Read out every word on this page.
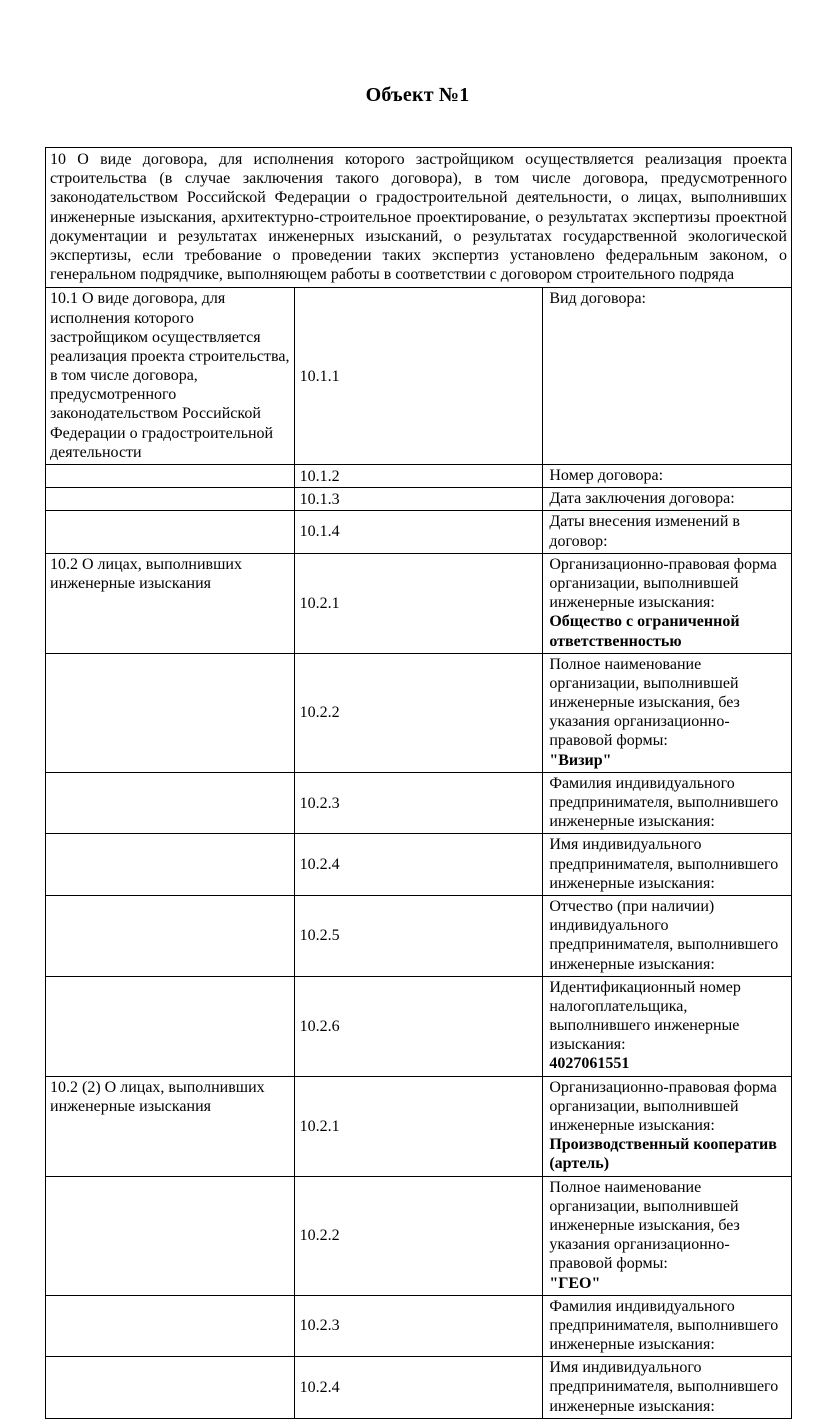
Объект №1
10 О виде договора, для исполнения которого застройщиком осуществляется реализация проекта строительства (в случае заключения такого договора), в том числе договора, предусмотренного законодательством Российской Федерации о градостроительной деятельности, о лицах, выполнивших инженерные изыскания, архитектурно-строительное проектирование, о результатах экспертизы проектной документации и результатах инженерных изысканий, о результатах государственной экологической экспертизы, если требование о проведении таких экспертиз установлено федеральным законом, о генеральном подрядчике, выполняющем работы в соответствии с договором строительного подряда		
10.1 О виде договора, для исполнения которого застройщиком осуществляется реализация проекта строительства, в том числе договора, предусмотренного законодательством Российской Федерации о градостроительной деятельности	10.1.1	Вид договора:

	10.1.2	Номер договора:

	10.1.3	Дата заключения договора:

	10.1.4	Даты внесения изменений в договор:

10.2 О лицах, выполнивших инженерные изыскания	10.2.1	Организационно-правовая форма организации, выполнившей инженерные изыскания:
Общество с ограниченной ответственностью

	10.2.2	Полное наименование организации, выполнившей инженерные изыскания, без указания организационно-правовой формы:
"Визир"

	10.2.3	Фамилия индивидуального предпринимателя, выполнившего инженерные изыскания:

	10.2.4	Имя индивидуального предпринимателя, выполнившего инженерные изыскания:

	10.2.5	Отчество (при наличии) индивидуального предпринимателя, выполнившего инженерные изыскания:

	10.2.6	Идентификационный номер налогоплательщика, выполнившего инженерные изыскания:
4027061551

10.2 (2) О лицах, выполнивших инженерные изыскания	10.2.1	Организационно-правовая форма организации, выполнившей инженерные изыскания:
Производственный кооператив (артель)

	10.2.2	Полное наименование организации, выполнившей инженерные изыскания, без указания организационно-правовой формы:
"ГЕО"

	10.2.3	Фамилия индивидуального предпринимателя, выполнившего инженерные изыскания:

	10.2.4	Имя индивидуального предпринимателя, выполнившего инженерные изыскания:
